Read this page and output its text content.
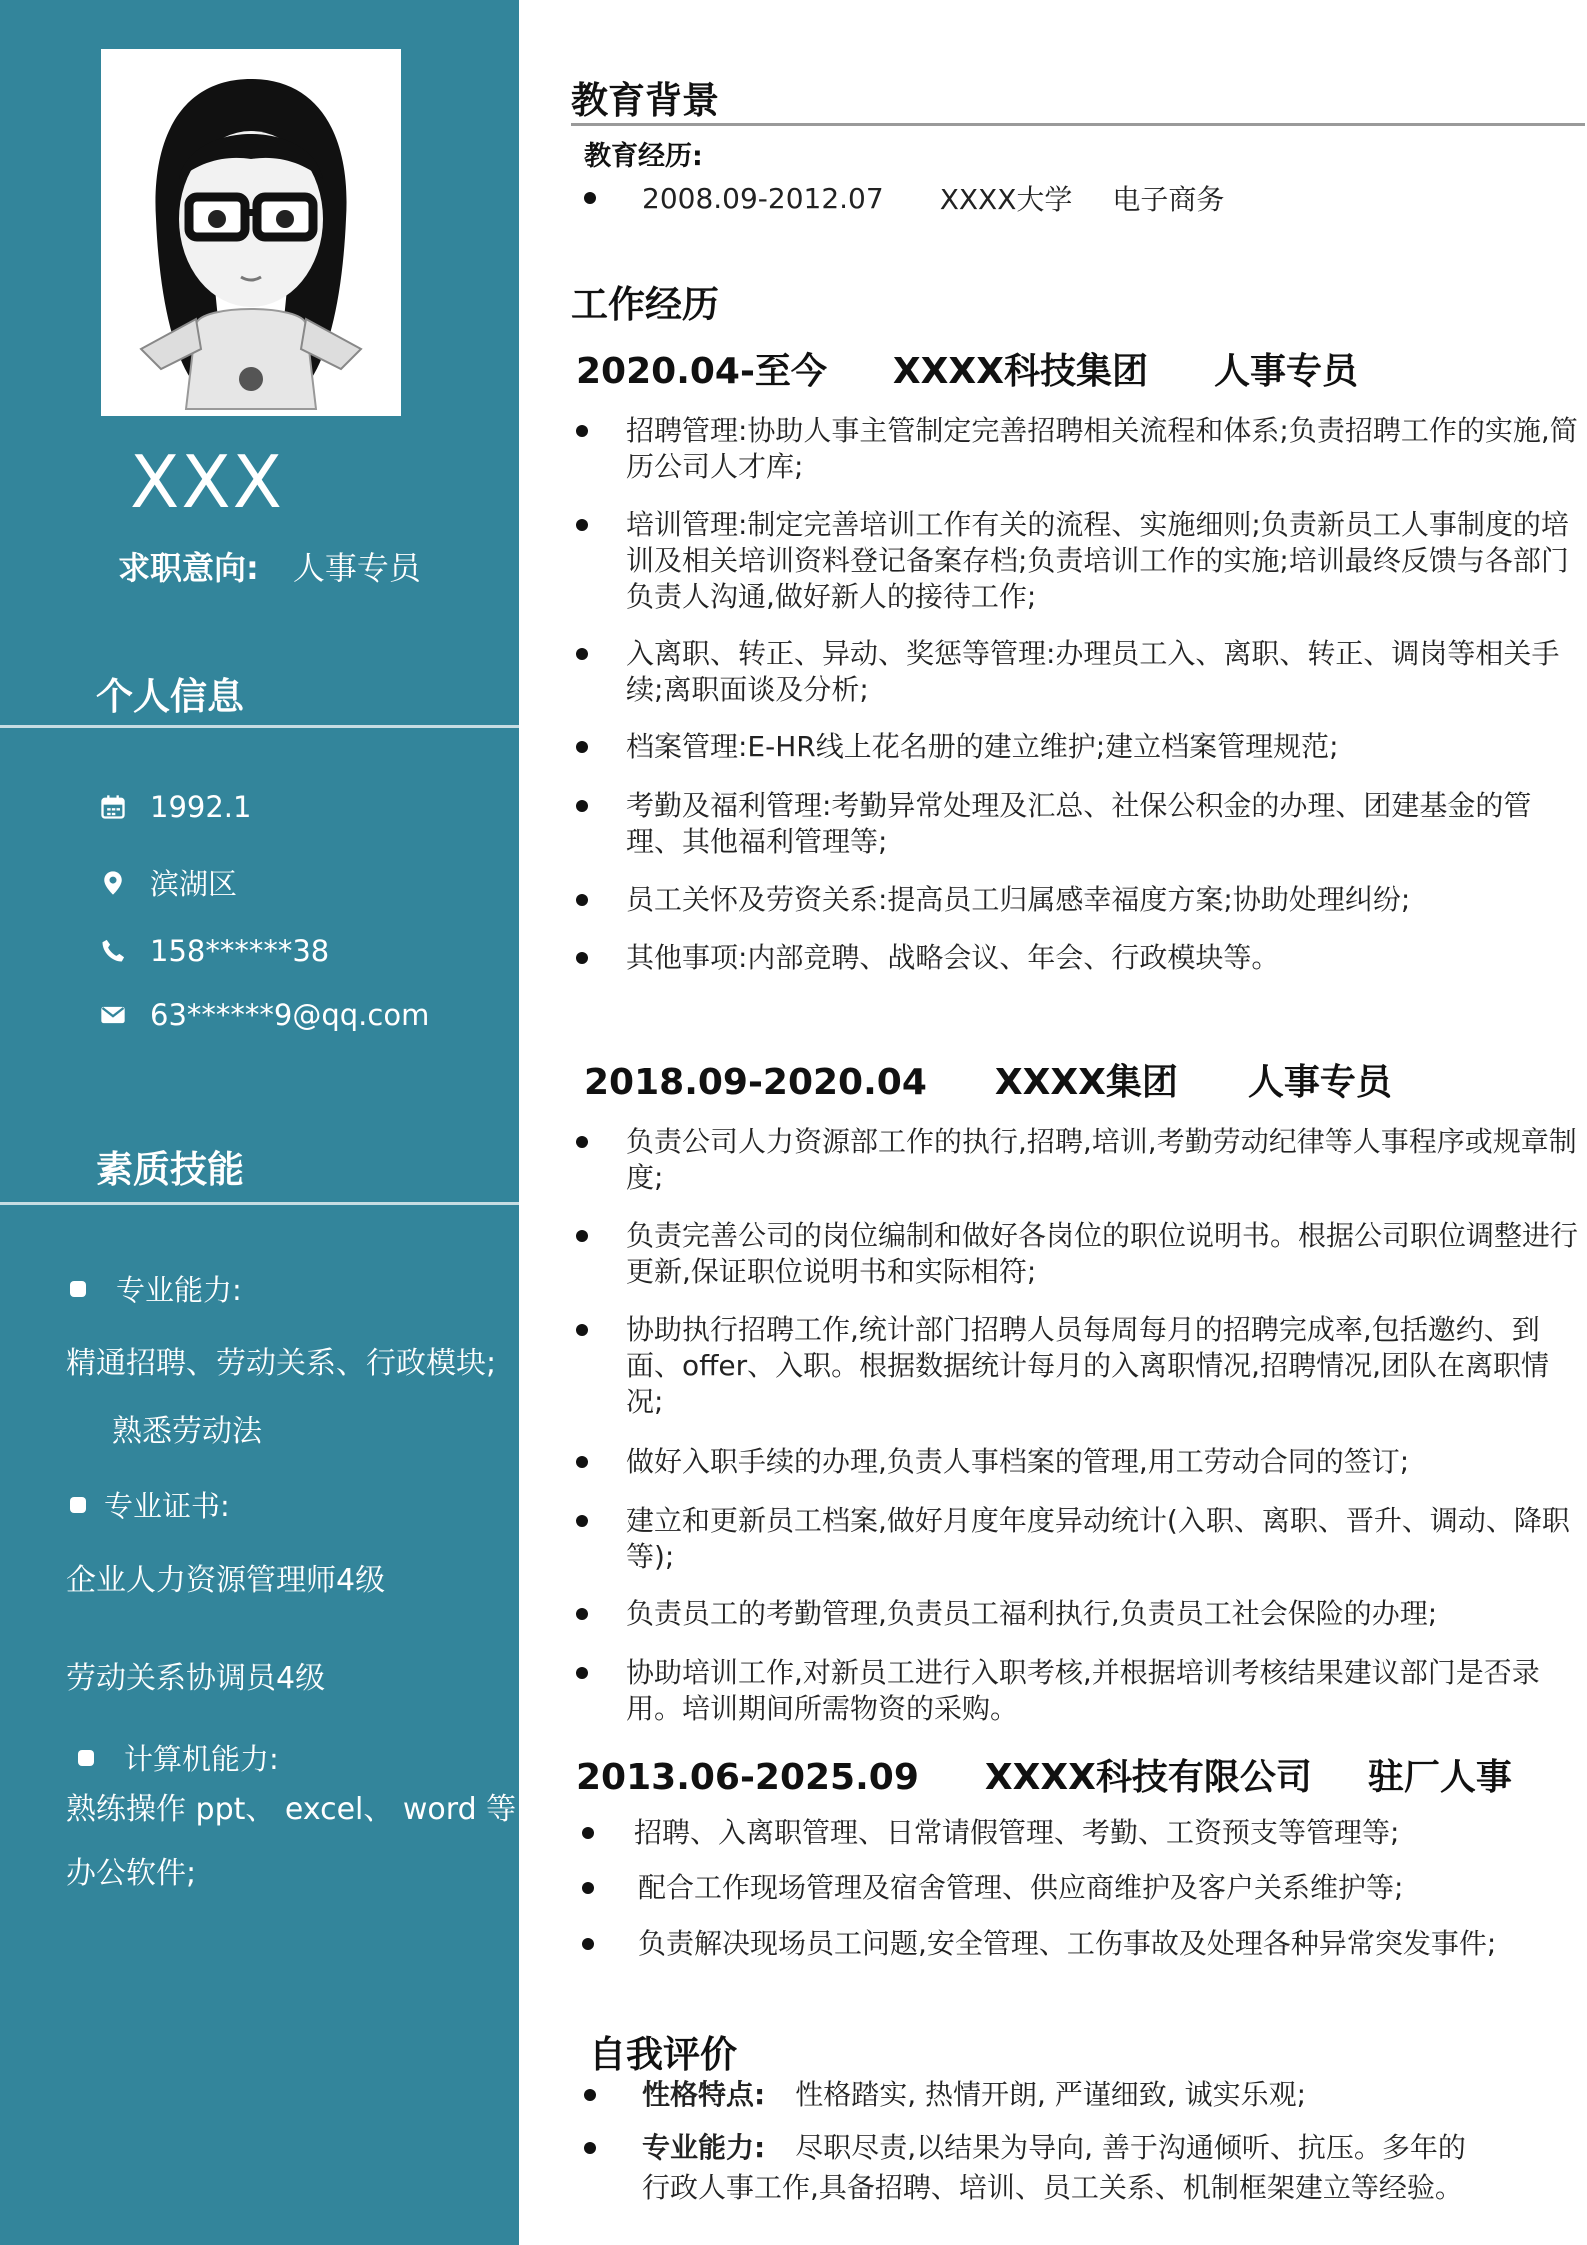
XXX
求职意向: 人事专员
个人信息
1992.1
滨湖区
158******38
63******9@qq.com
素质技能
专业能力:
精通招聘、劳动关系、行政模块;
熟悉劳动法
专业证书:
企业人力资源管理师4级
劳动关系协调员4级
计算机能力:
熟练操作 ppt、 excel、 word 等
办公软件;
教育背景
教育经历:
2008.09-2012.07 XXXX大学 电子商务
工作经历
2020.04-至今 XXXX科技集团 人事专员
招聘管理:协助人事主管制定完善招聘相关流程和体系;负责招聘工作的实施,简历公司人才库;
培训管理:制定完善培训工作有关的流程、实施细则;负责新员工人事制度的培训及相关培训资料登记备案存档;负责培训工作的实施;培训最终反馈与各部门负责人沟通,做好新人的接待工作;
入离职、转正、异动、奖惩等管理:办理员工入、离职、转正、调岗等相关手续;离职面谈及分析;
档案管理:E-HR线上花名册的建立维护;建立档案管理规范;
考勤及福利管理:考勤异常处理及汇总、社保公积金的办理、团建基金的管理、其他福利管理等;
员工关怀及劳资关系:提高员工归属感幸福度方案;协助处理纠纷;
其他事项:内部竞聘、战略会议、年会、行政模块等。
2018.09-2020.04 XXXX集团 人事专员
负责公司人力资源部工作的执行,招聘,培训,考勤劳动纪律等人事程序或规章制度;
负责完善公司的岗位编制和做好各岗位的职位说明书。根据公司职位调整进行更新,保证职位说明书和实际相符;
协助执行招聘工作,统计部门招聘人员每周每月的招聘完成率,包括邀约、到面、offer、入职。根据数据统计每月的入离职情况,招聘情况,团队在离职情况;
做好入职手续的办理,负责人事档案的管理,用工劳动合同的签订;
建立和更新员工档案,做好月度年度异动统计(入职、离职、晋升、调动、降职等);
负责员工的考勤管理,负责员工福利执行,负责员工社会保险的办理;
协助培训工作,对新员工进行入职考核,并根据培训考核结果建议部门是否录用。培训期间所需物资的采购。
2013.06-2025.09 XXXX科技有限公司 驻厂人事
招聘、入离职管理、日常请假管理、考勤、工资预支等管理等;
配合工作现场管理及宿舍管理、供应商维护及客户关系维护等;
负责解决现场员工问题,安全管理、工伤事故及处理各种异常突发事件;
自我评价
性格特点: 性格踏实, 热情开朗, 严谨细致, 诚实乐观;
专业能力: 尽职尽责,以结果为导向, 善于沟通倾听、抗压。多年的
行政人事工作,具备招聘、培训、员工关系、机制框架建立等经验。
